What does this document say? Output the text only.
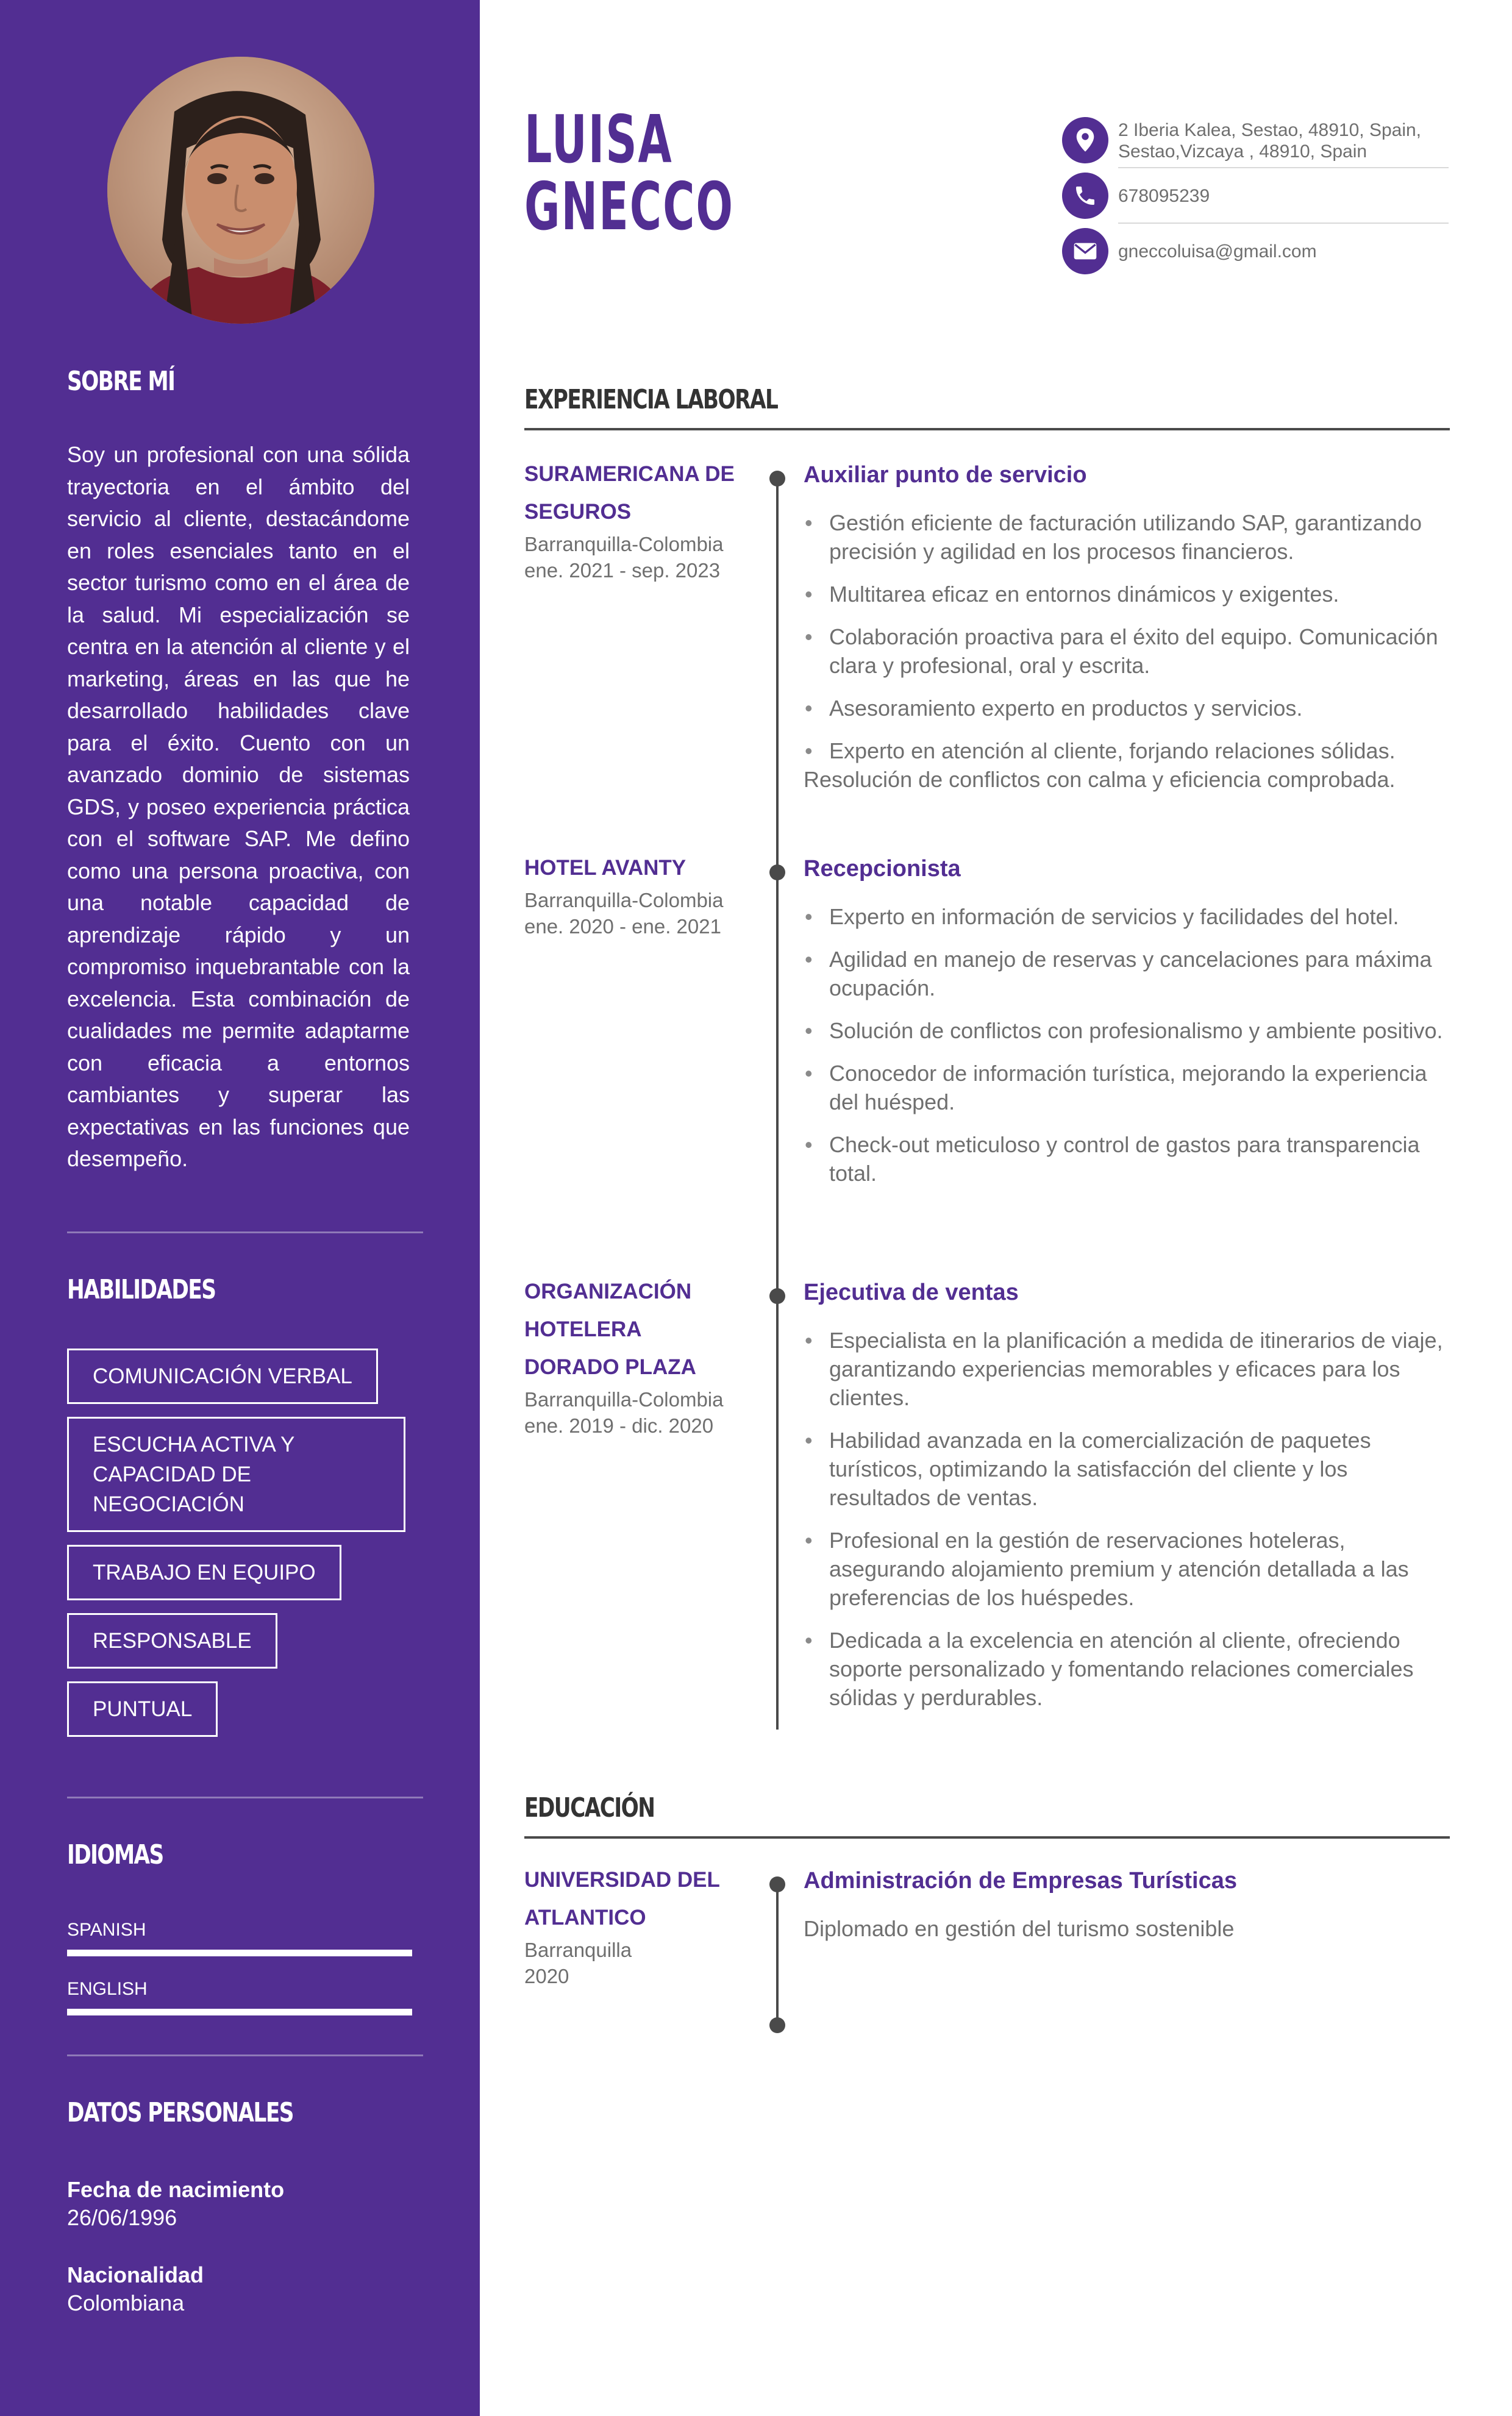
SOBRE MÍ

Soy un profesional con una sólida trayectoria en el ámbito del servicio al cliente, destacándome en roles esenciales tanto en el sector turismo como en el área de la salud. Mi especialización se centra en la atención al cliente y el marketing, áreas en las que he desarrollado habilidades clave para el éxito. Cuento con un avanzado dominio de sistemas GDS, y poseo experiencia práctica con el software SAP. Me defino como una persona proactiva, con una notable capacidad de aprendizaje rápido y un compromiso inquebrantable con la excelencia. Esta combinación de cualidades me permite adaptarme con eficacia a entornos cambiantes y superar las expectativas en las funciones que desempeño.

HABILIDADES
COMUNICACIÓN VERBAL
ESCUCHA ACTIVA Y CAPACIDAD DE NEGOCIACIÓN
TRABAJO EN EQUIPO
RESPONSABLE
PUNTUAL
IDIOMAS
SPANISH
ENGLISH
DATOS PERSONALES
Fecha de nacimiento
26/06/1996
Nacionalidad
Colombiana
LUISA
GNECCO
2 Iberia Kalea, Sestao, 48910, Spain,
Sestao,Vizcaya , 48910, Spain
678095239
gneccoluisa@gmail.com
EXPERIENCIA LABORAL
SURAMERICANA DE
SEGUROS
Barranquilla-Colombia
ene. 2021 - sep. 2023
Auxiliar punto de servicio
• Gestión eficiente de facturación utilizando SAP, garantizando precisión y agilidad en los procesos financieros.
• Multitarea eficaz en entornos dinámicos y exigentes.
• Colaboración proactiva para el éxito del equipo. Comunicación clara y profesional, oral y escrita.
• Asesoramiento experto en productos y servicios.
• Experto en atención al cliente, forjando relaciones sólidas. Resolución de conflictos con calma y eficiencia comprobada.
HOTEL AVANTY
Barranquilla-Colombia
ene. 2020 - ene. 2021
Recepcionista
• Experto en información de servicios y facilidades del hotel.
• Agilidad en manejo de reservas y cancelaciones para máxima ocupación.
• Solución de conflictos con profesionalismo y ambiente positivo.
• Conocedor de información turística, mejorando la experiencia del huésped.
• Check-out meticuloso y control de gastos para transparencia total.
ORGANIZACIÓN
HOTELERA
DORADO PLAZA
Barranquilla-Colombia
ene. 2019 - dic. 2020
Ejecutiva de ventas
• Especialista en la planificación a medida de itinerarios de viaje, garantizando experiencias memorables y eficaces para los clientes.
• Habilidad avanzada en la comercialización de paquetes turísticos, optimizando la satisfacción del cliente y los resultados de ventas.
• Profesional en la gestión de reservaciones hoteleras, asegurando alojamiento premium y atención detallada a las preferencias de los huéspedes.
• Dedicada a la excelencia en atención al cliente, ofreciendo soporte personalizado y fomentando relaciones comerciales sólidas y perdurables.
EDUCACIÓN
UNIVERSIDAD DEL
ATLANTICO
Barranquilla
2020
Administración de Empresas Turísticas
Diplomado en gestión del turismo sostenible
